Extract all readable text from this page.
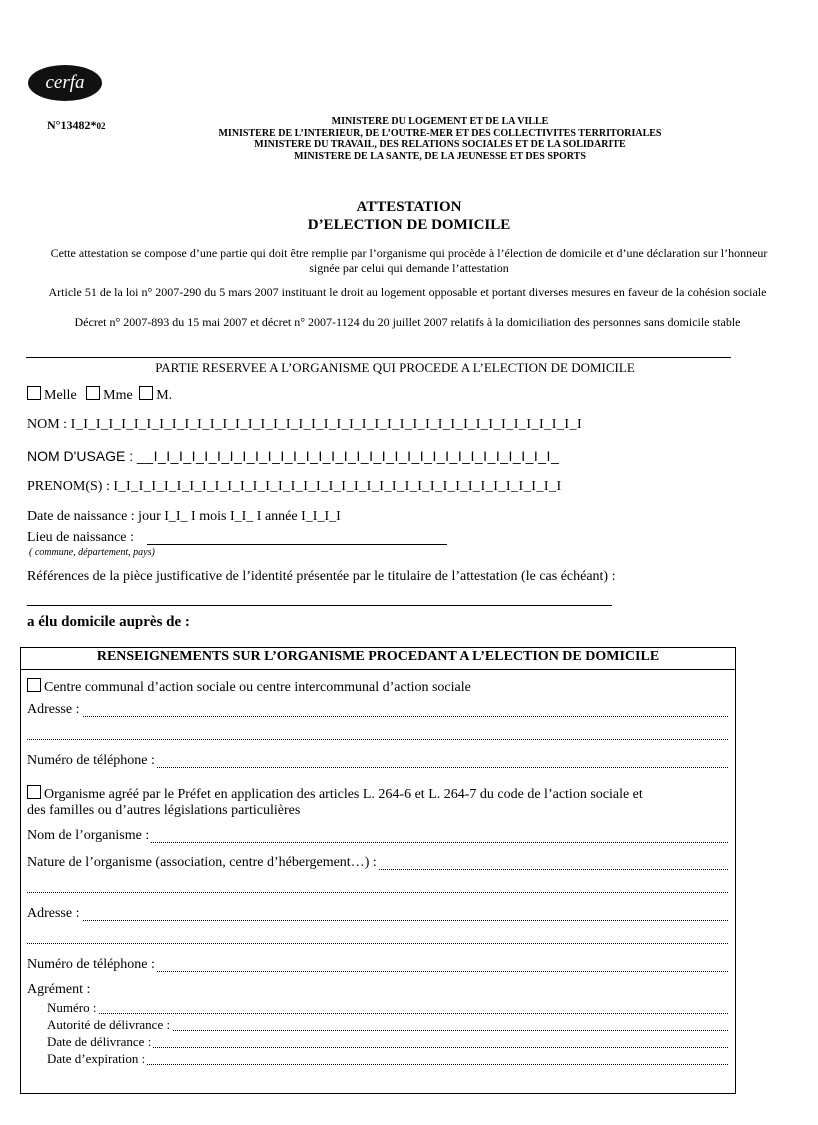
cerfa
N°13482*02	MINISTERE DU LOGEMENT ET DE LA VILLE
MINISTERE DE L’INTERIEUR, DE L’OUTRE-MER ET DES COLLECTIVITES TERRITORIALES
MINISTERE DU TRAVAIL, DES RELATIONS SOCIALES ET DE LA SOLIDARITE
MINISTERE DE LA SANTE, DE LA JEUNESSE ET DES SPORTS
ATTESTATION
D’ELECTION DE DOMICILE
Cette attestation se compose d’une partie qui doit être remplie par l’organisme qui procède à l’élection de domicile et d’une déclaration sur l’honneur signée par celui qui demande l’attestation
Article 51 de la loi n° 2007-290 du 5 mars 2007 instituant le droit au logement opposable et portant diverses mesures en faveur de la cohésion sociale
Décret n° 2007-893 du 15 mai 2007 et décret n° 2007-1124 du 20 juillet 2007 relatifs à la domiciliation des personnes sans domicile stable
PARTIE RESERVEE A L’ORGANISME QUI PROCEDE A L’ELECTION DE DOMICILE
Melle Mme M.
NOM : I_I_I_I_I_I_I_I_I_I_I_I_I_I_I_I_I_I_I_I_I_I_I_I_I_I_I_I_I_I_I_I_I_I_I_I_I_I_I_I_I
NOM D'USAGE : __I_I_I_I_I_I_I_I_I_I_I_I_I_I_I_I_I_I_I_I_I_I_I_I_I_I_I_I_I_I_I_I_
PRENOM(S) : I_I_I_I_I_I_I_I_I_I_I_I_I_I_I_I_I_I_I_I_I_I_I_I_I_I_I_I_I_I_I_I_I_I_I_I
Date de naissance : jour I_I_ I mois I_I_ I année I_I_I_I
Lieu de naissance :
( commune, département, pays)
Références de la pièce justificative de l’identité présentée par le titulaire de l’attestation (le cas échéant) :
a élu domicile auprès de :
RENSEIGNEMENTS SUR L’ORGANISME PROCEDANT A L’ELECTION DE DOMICILE
Centre communal d’action sociale ou centre intercommunal d’action sociale
Adresse :
Numéro de téléphone :
Organisme agréé par le Préfet en application des articles L. 264-6 et L. 264-7 du code de l’action sociale et
des familles ou d’autres législations particulières
Nom de l’organisme :
Nature de l’organisme (association, centre d’hébergement…) :
Adresse :
Numéro de téléphone :
Agrément :
Numéro :
Autorité de délivrance :
Date de délivrance :
Date d’expiration :
